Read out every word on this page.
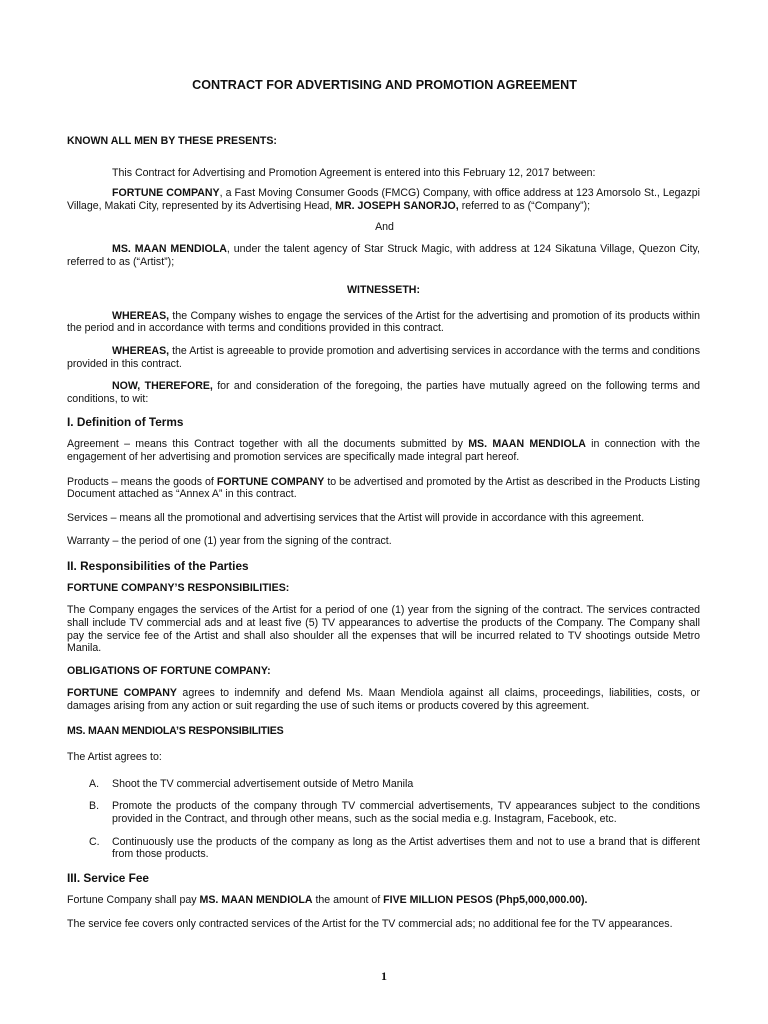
CONTRACT FOR ADVERTISING AND PROMOTION AGREEMENT

KNOWN ALL MEN BY THESE PRESENTS:

This Contract for Advertising and Promotion Agreement is entered into this February 12, 2017 between:

FORTUNE COMPANY, a Fast Moving Consumer Goods (FMCG) Company, with office address at 123 Amorsolo St., Legazpi Village, Makati City, represented by its Advertising Head, MR. JOSEPH SANORJO, referred to as (“Company”);

And

MS. MAAN MENDIOLA, under the talent agency of Star Struck Magic, with address at 124 Sikatuna Village, Quezon City, referred to as (“Artist”);

WITNESSETH:

WHEREAS, the Company wishes to engage the services of the Artist for the advertising and promotion of its products within the period and in accordance with terms and conditions provided in this contract.

WHEREAS, the Artist is agreeable to provide promotion and advertising services in accordance with the terms and conditions provided in this contract.

NOW, THEREFORE, for and consideration of the foregoing, the parties have mutually agreed on the following terms and conditions, to wit:

I. Definition of Terms

Agreement – means this Contract together with all the documents submitted by MS. MAAN MENDIOLA in connection with the engagement of her advertising and promotion services are specifically made integral part hereof.

Products – means the goods of FORTUNE COMPANY to be advertised and promoted by the Artist as described in the Products Listing Document attached as “Annex A” in this contract.

Services – means all the promotional and advertising services that the Artist will provide in accordance with this agreement.

Warranty – the period of one (1) year from the signing of the contract.

II. Responsibilities of the Parties
FORTUNE COMPANY’S RESPONSIBILITIES:

The Company engages the services of the Artist for a period of one (1) year from the signing of the contract. The services contracted shall include TV commercial ads and at least five (5) TV appearances to advertise the products of the Company. The Company shall pay the service fee of the Artist and shall also shoulder all the expenses that will be incurred related to TV shootings outside Metro Manila.

OBLIGATIONS OF FORTUNE COMPANY:

FORTUNE COMPANY agrees to indemnify and defend Ms. Maan Mendiola against all claims, proceedings, liabilities, costs, or damages arising from any action or suit regarding the use of such items or products covered by this agreement.

MS. MAAN MENDIOLA’S RESPONSIBILITIES

The Artist agrees to:

A.	Shoot the TV commercial advertisement outside of Metro Manila
B.	Promote the products of the company through TV commercial advertisements, TV appearances subject to the conditions provided in the Contract, and through other means, such as the social media e.g. Instagram, Facebook, etc.
C.	Continuously use the products of the company as long as the Artist advertises them and not to use a brand that is different from those products.
III. Service Fee

Fortune Company shall pay MS. MAAN MENDIOLA the amount of FIVE MILLION PESOS (Php5,000,000.00).

The service fee covers only contracted services of the Artist for the TV commercial ads; no additional fee for the TV appearances.

1
